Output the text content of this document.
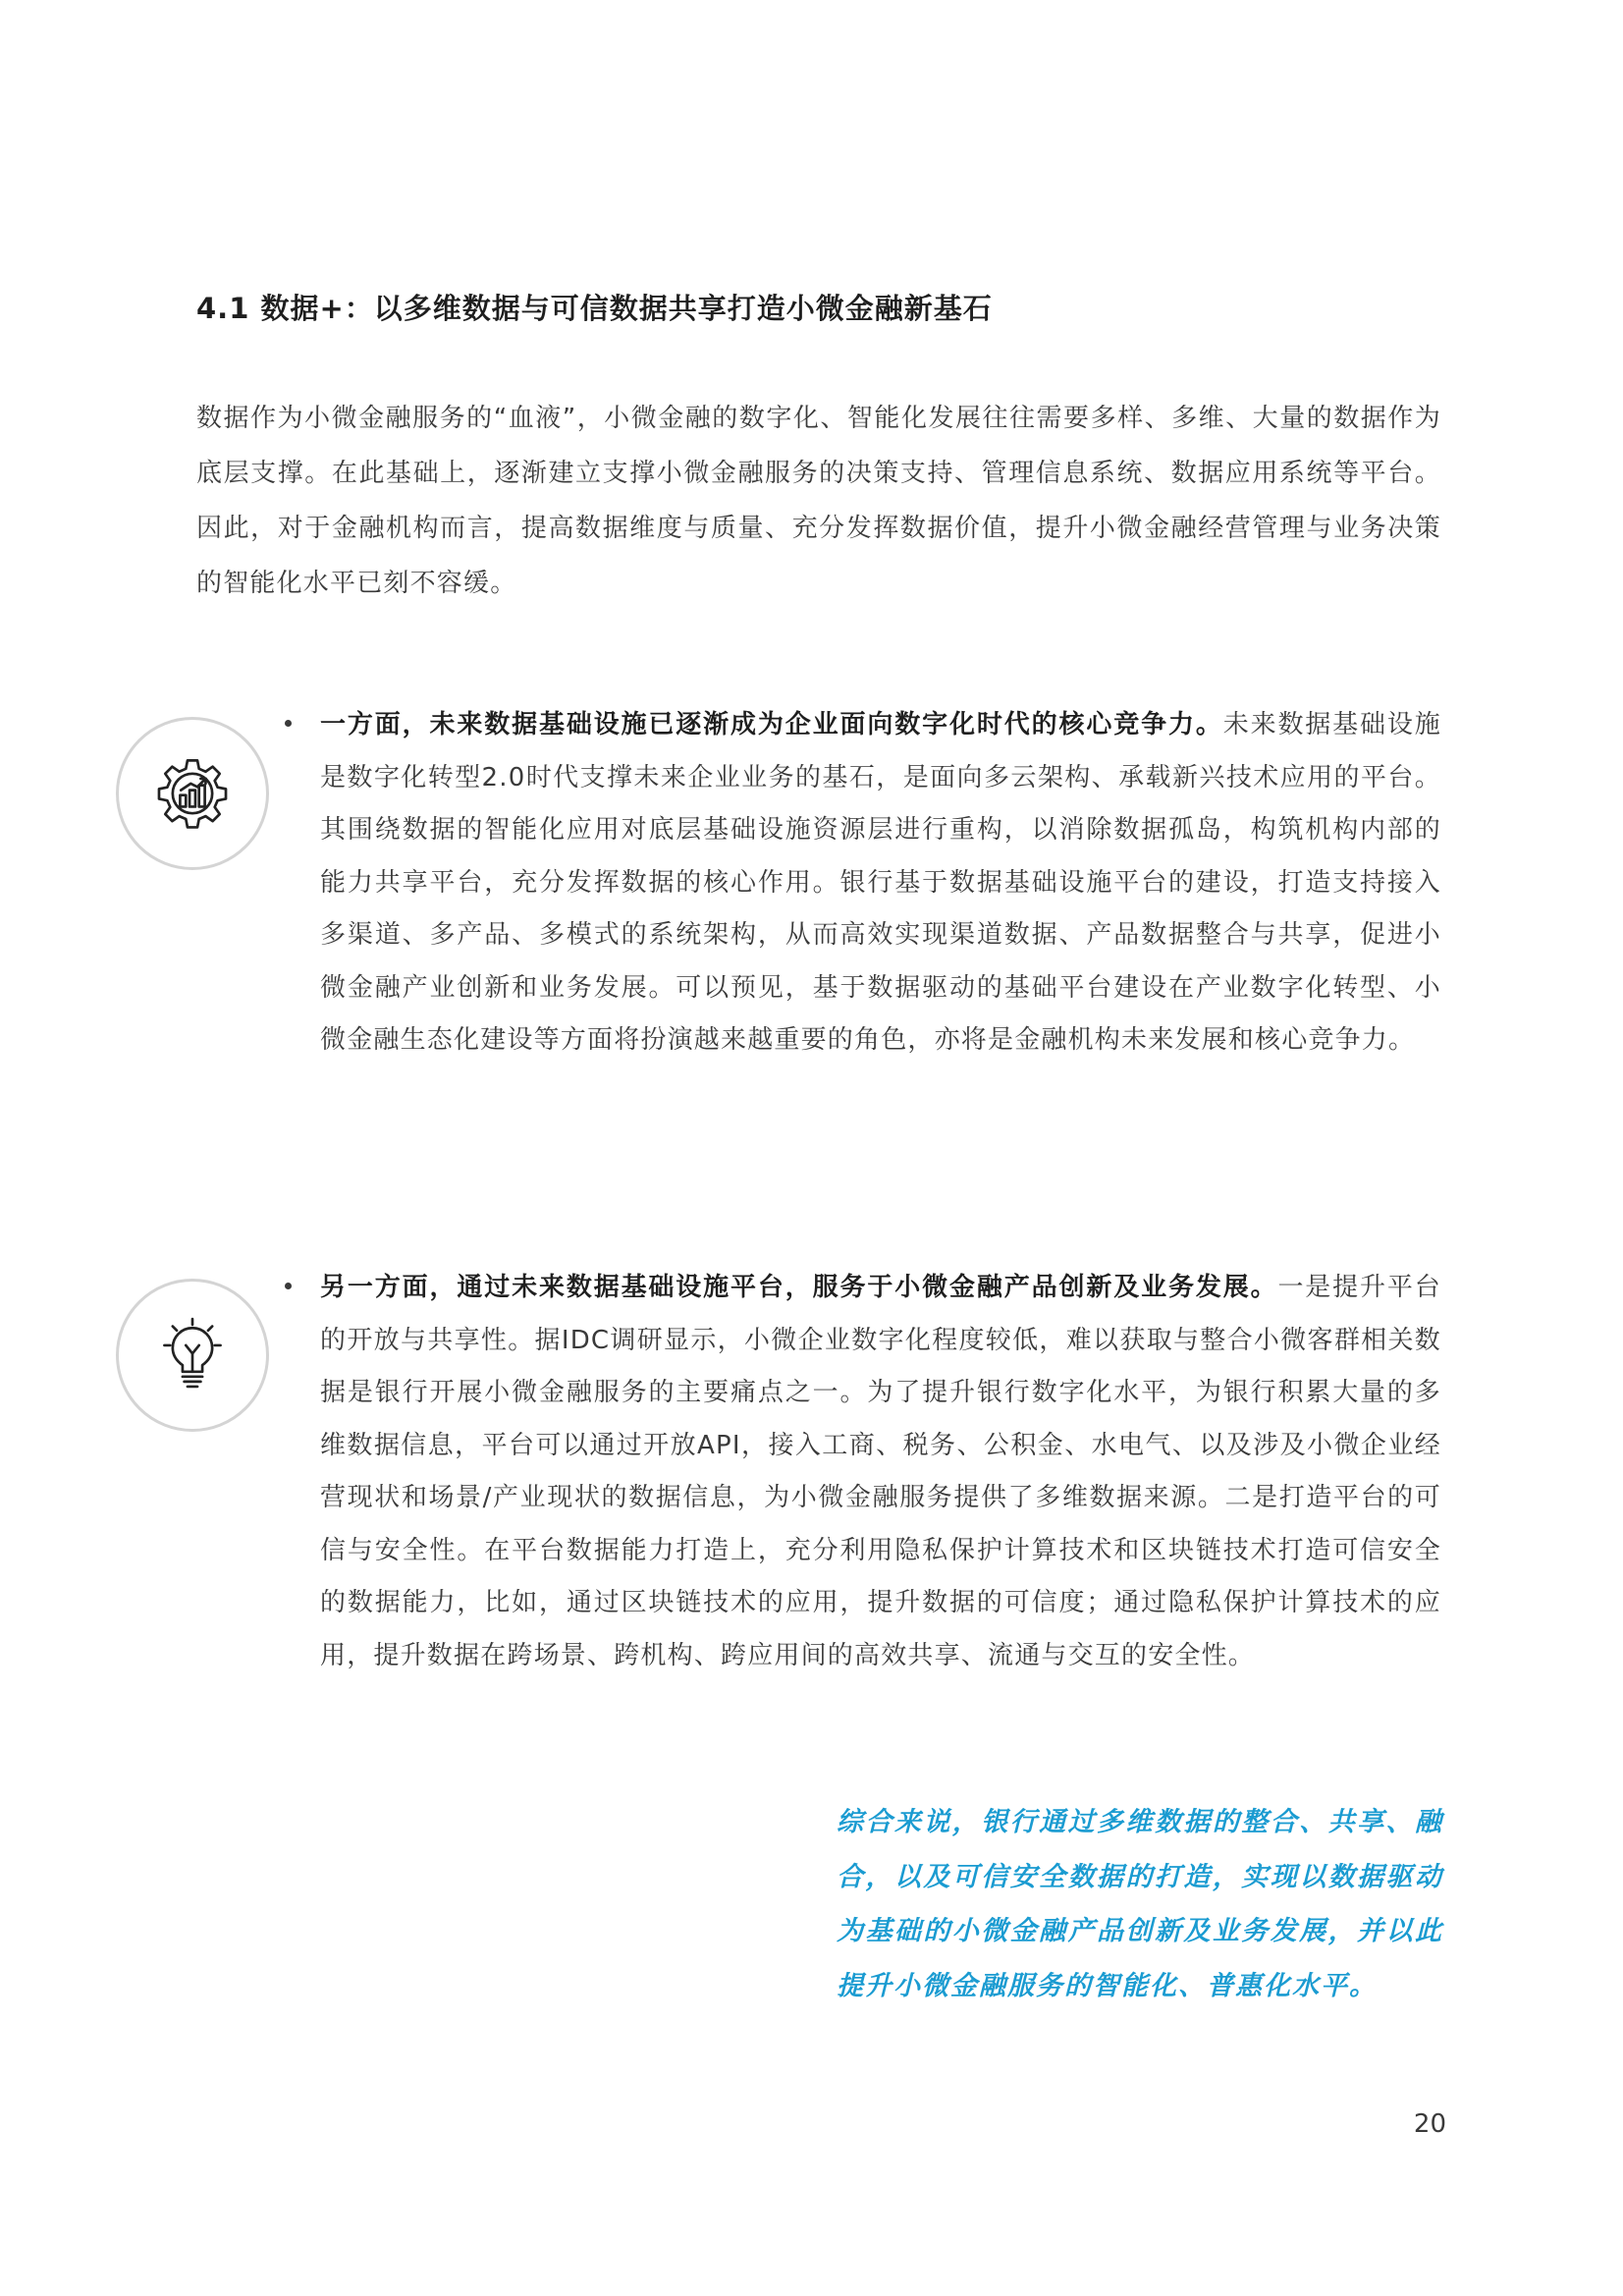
4.1 数据+：以多维数据与可信数据共享打造小微金融新基石

数据作为小微金融服务的“血液”，小微金融的数字化、智能化发展往往需要多样、多维、大量的数据作为底层支撑。在此基础上，逐渐建立支撑小微金融服务的决策支持、管理信息系统、数据应用系统等平台。因此，对于金融机构而言，提高数据维度与质量、充分发挥数据价值，提升小微金融经营管理与业务决策的智能化水平已刻不容缓。

一方面，未来数据基础设施已逐渐成为企业面向数字化时代的核心竞争力。未来数据基础设施是数字化转型2.0时代支撑未来企业业务的基石，是面向多云架构、承载新兴技术应用的平台。其围绕数据的智能化应用对底层基础设施资源层进行重构，以消除数据孤岛，构筑机构内部的能力共享平台，充分发挥数据的核心作用。银行基于数据基础设施平台的建设，打造支持接入多渠道、多产品、多模式的系统架构，从而高效实现渠道数据、产品数据整合与共享，促进小微金融产业创新和业务发展。可以预见，基于数据驱动的基础平台建设在产业数字化转型、小微金融生态化建设等方面将扮演越来越重要的角色，亦将是金融机构未来发展和核心竞争力。

另一方面，通过未来数据基础设施平台，服务于小微金融产品创新及业务发展。一是提升平台的开放与共享性。据IDC调研显示，小微企业数字化程度较低，难以获取与整合小微客群相关数据是银行开展小微金融服务的主要痛点之一。为了提升银行数字化水平，为银行积累大量的多维数据信息，平台可以通过开放API，接入工商、税务、公积金、水电气、以及涉及小微企业经营现状和场景/产业现状的数据信息，为小微金融服务提供了多维数据来源。二是打造平台的可信与安全性。在平台数据能力打造上，充分利用隐私保护计算技术和区块链技术打造可信安全的数据能力，比如，通过区块链技术的应用，提升数据的可信度；通过隐私保护计算技术的应用，提升数据在跨场景、跨机构、跨应用间的高效共享、流通与交互的安全性。

综合来说，银行通过多维数据的整合、共享、融合，以及可信安全数据的打造，实现以数据驱动为基础的小微金融产品创新及业务发展，并以此提升小微金融服务的智能化、普惠化水平。

20
